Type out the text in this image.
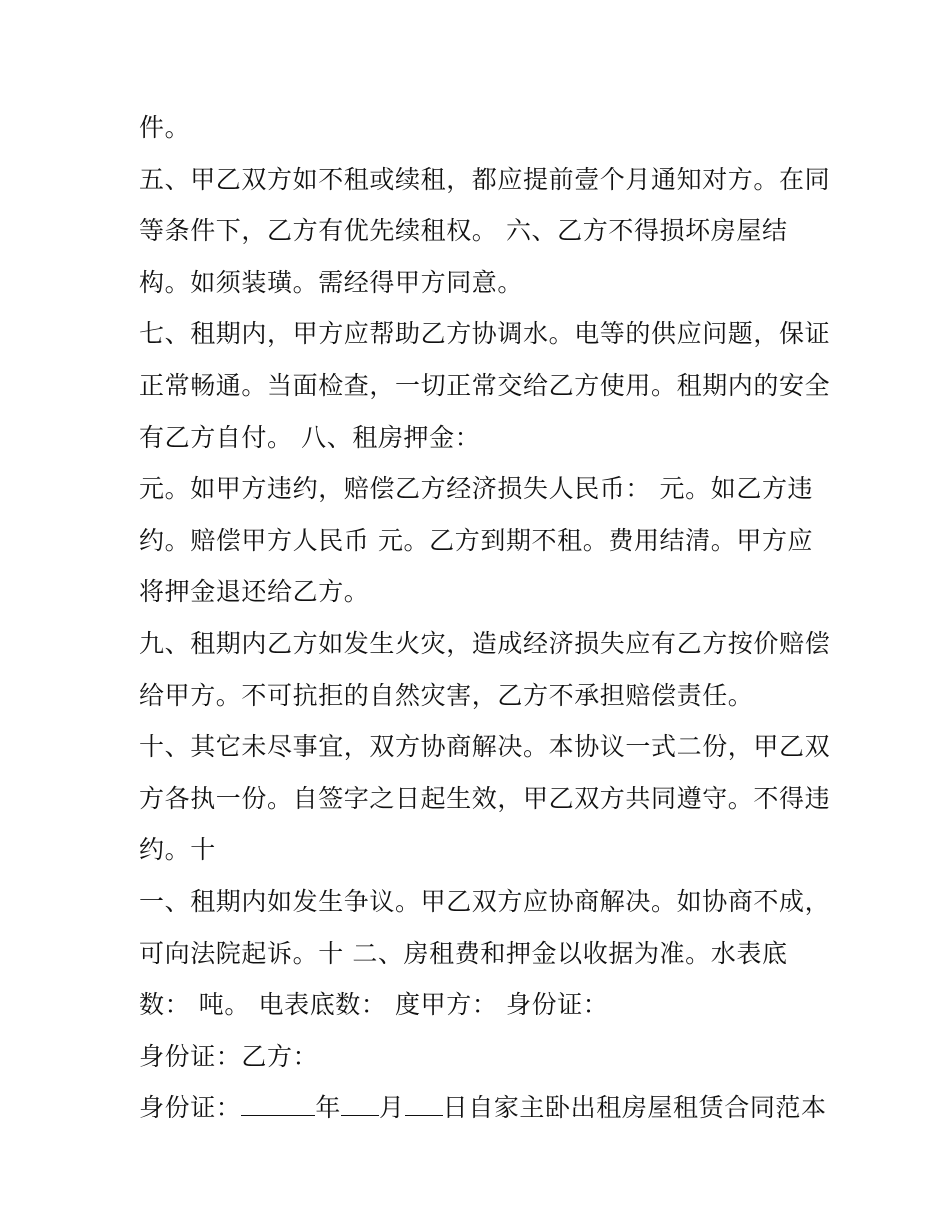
件。
五、甲乙双方如不租或续租，都应提前壹个月通知对方。在同
等条件下，乙方有优先续租权。 六、乙方不得损坏房屋结
构。如须装璜。需经得甲方同意。
七、租期内，甲方应帮助乙方协调水。电等的供应问题，保证
正常畅通。当面检查，一切正常交给乙方使用。租期内的安全
有乙方自付。 八、租房押金：
元。如甲方违约，赔偿乙方经济损失人民币： 元。如乙方违
约。赔偿甲方人民币 元。乙方到期不租。费用结清。甲方应
将押金退还给乙方。
九、租期内乙方如发生火灾，造成经济损失应有乙方按价赔偿
给甲方。不可抗拒的自然灾害，乙方不承担赔偿责任。
十、其它未尽事宜，双方协商解决。本协议一式二份，甲乙双
方各执一份。自签字之日起生效，甲乙双方共同遵守。不得违
约。十
一、租期内如发生争议。甲乙双方应协商解决。如协商不成，
可向法院起诉。十 二、房租费和押金以收据为准。水表底
数： 吨。 电表底数： 度甲方： 身份证：
身份证：乙方：
身份证：	年 月 日自家主卧出租房屋租赁合同范本
